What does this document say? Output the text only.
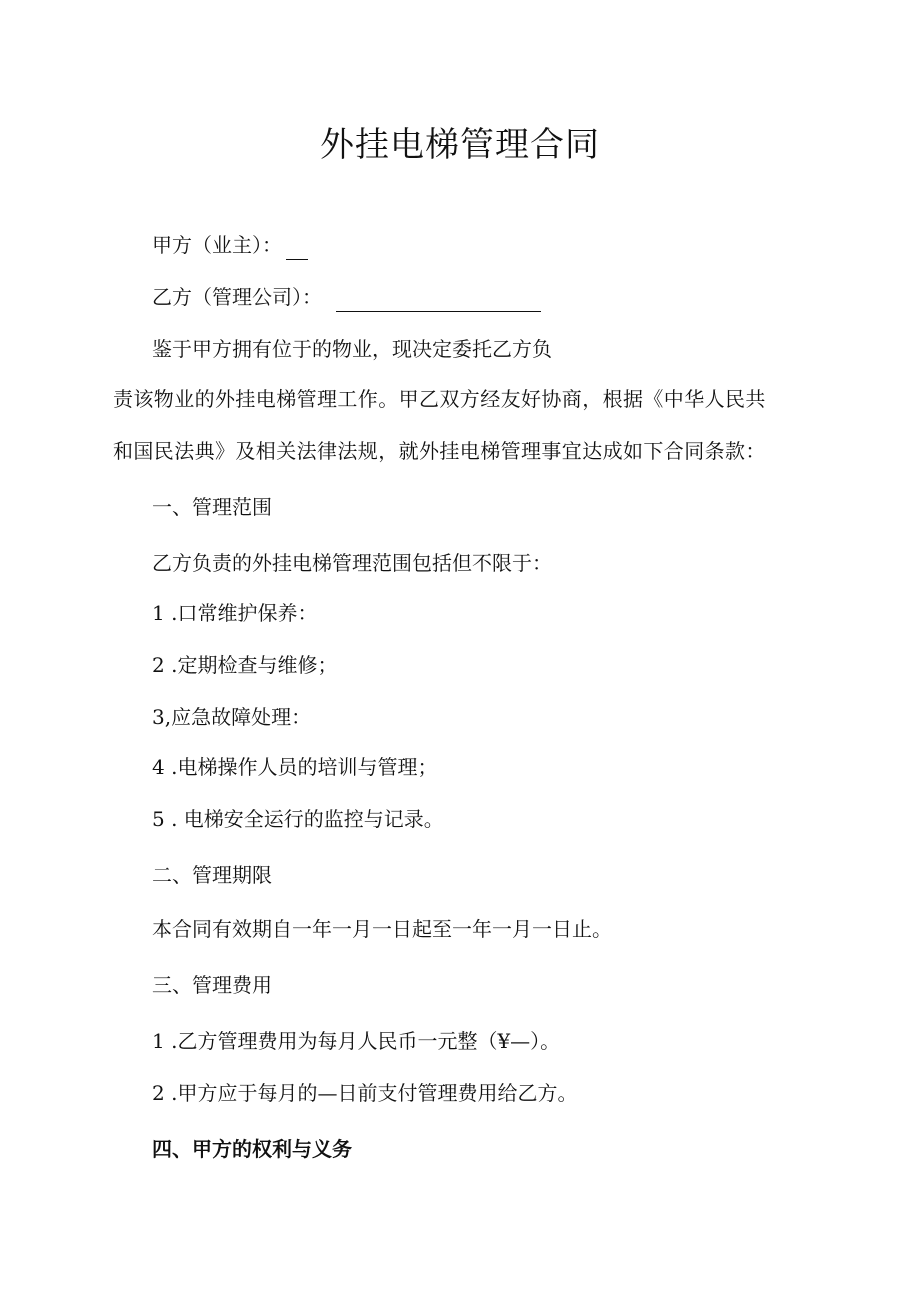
外挂电梯管理合同
甲方（业主）：
乙方（管理公司）：
鉴于甲方拥有位于的物业，现决定委托乙方负
责该物业的外挂电梯管理工作。甲乙双方经友好协商，根据《中华人民共
和国民法典》及相关法律法规，就外挂电梯管理事宜达成如下合同条款：
一、管理范围
乙方负责的外挂电梯管理范围包括但不限于：
1 .口常维护保养：
2 .定期检查与维修；
3,应急故障处理：
4 .电梯操作人员的培训与管理；
5 . 电梯安全运行的监控与记录。
二、管理期限
本合同有效期自一年一月一日起至一年一月一日止。
三、管理费用
1 .乙方管理费用为每月人民币一元整（¥—）。
2 .甲方应于每月的—日前支付管理费用给乙方。
四、甲方的权利与义务
